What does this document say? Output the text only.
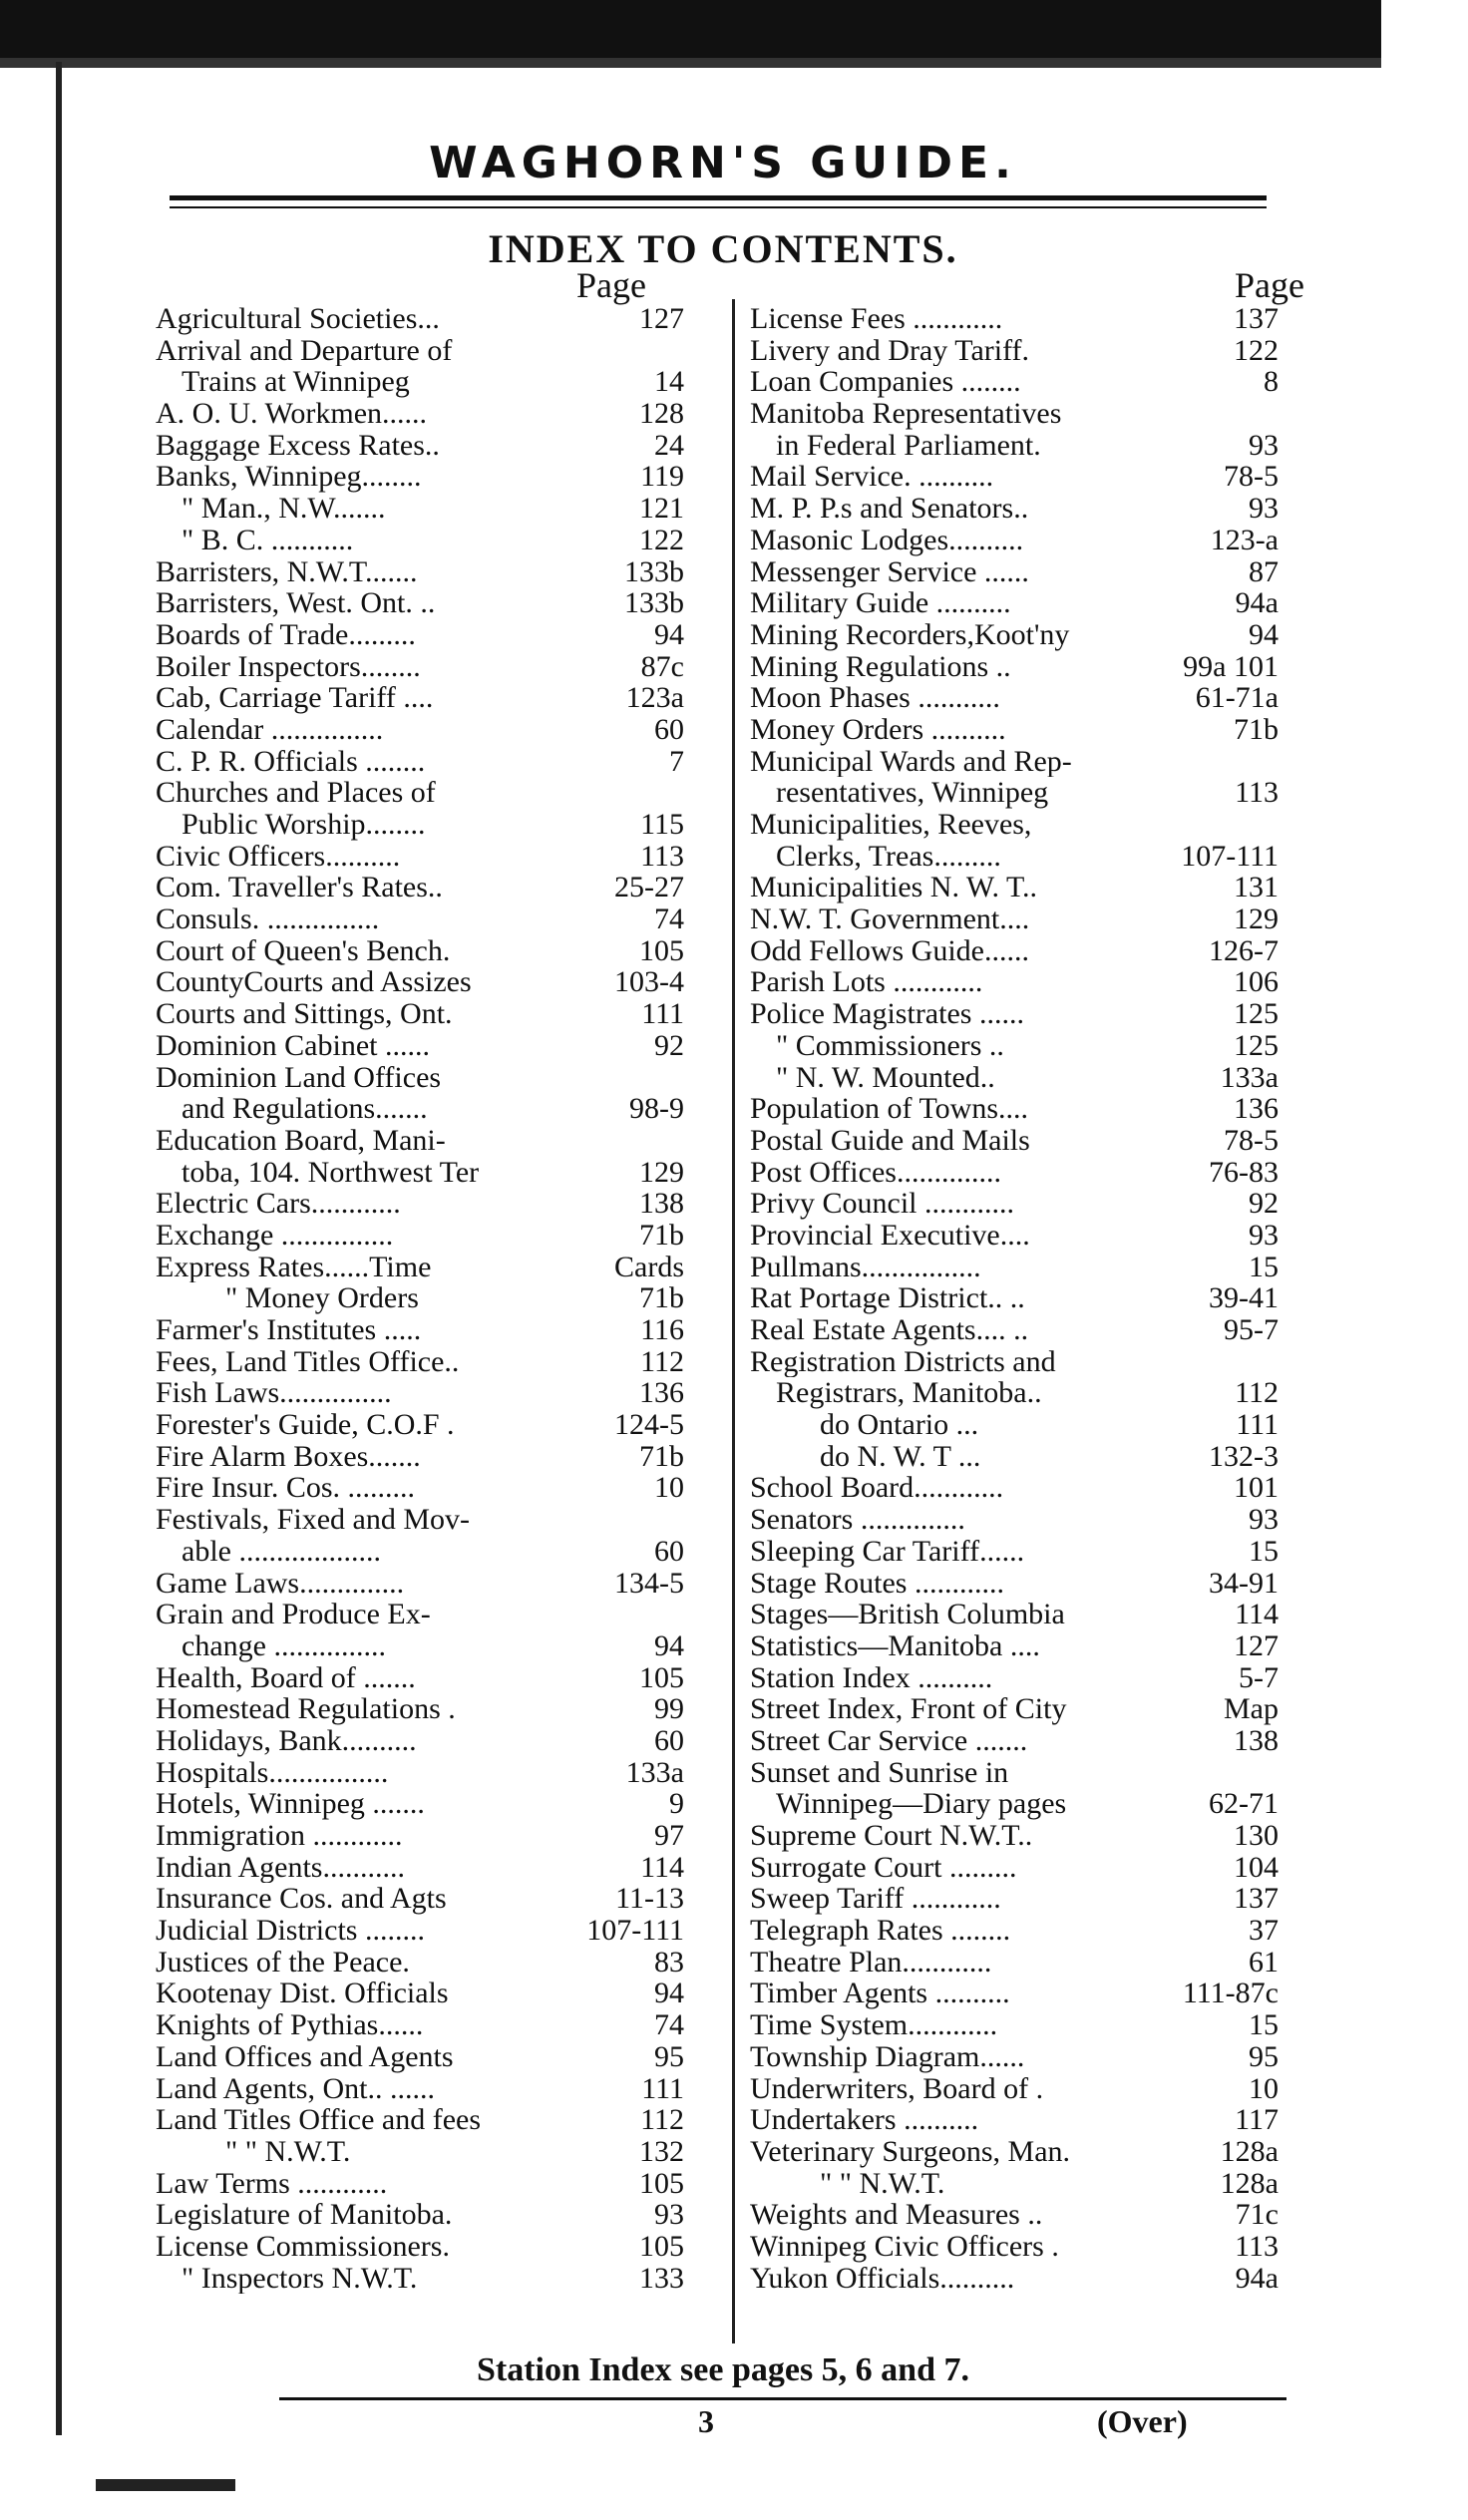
WAGHORN'S GUIDE.
INDEX TO CONTENTS.
Page
Agricultural Societies...	127
Arrival and Departure of
Trains at Winnipeg	14
A. O. U. Workmen......	128
Baggage Excess Rates..	24
Banks, Winnipeg........	119
" Man., N.W.......	121
" B. C. ...........	122
Barristers, N.W.T.......	133b
Barristers, West. Ont. ..	133b
Boards of Trade.........	94
Boiler Inspectors........	87c
Cab, Carriage Tariff ....	123a
Calendar ...............	60
C. P. R. Officials ........	7
Churches and Places of
Public Worship........	115
Civic Officers..........	113
Com. Traveller's Rates..	25-27
Consuls. ...............	74
Court of Queen's Bench.	105
CountyCourts and Assizes	103-4
Courts and Sittings, Ont.	111
Dominion Cabinet ......	92
Dominion Land Offices
and Regulations.......	98-9
Education Board, Mani-
toba, 104. Northwest Ter	129
Electric Cars............	138
Exchange ...............	71b
Express Rates......Time	Cards
" Money Orders	71b
Farmer's Institutes .....	116
Fees, Land Titles Office..	112
Fish Laws...............	136
Forester's Guide, C.O.F .	124-5
Fire Alarm Boxes.......	71b
Fire Insur. Cos. .........	10
Festivals, Fixed and Mov-
able ...................	60
Game Laws..............	134-5
Grain and Produce Ex-
change ...............	94
Health, Board of .......	105
Homestead Regulations .	99
Holidays, Bank..........	60
Hospitals................	133a
Hotels, Winnipeg .......	9
Immigration ............	97
Indian Agents...........	114
Insurance Cos. and Agts	11-13
Judicial Districts ........	107-111
Justices of the Peace.	83
Kootenay Dist. Officials	94
Knights of Pythias......	74
Land Offices and Agents	95
Land Agents, Ont.. ......	111
Land Titles Office and fees	112
" " N.W.T.	132
Law Terms ............	105
Legislature of Manitoba.	93
License Commissioners.	105
" Inspectors N.W.T.	133
Page
License Fees ............	137
Livery and Dray Tariff.	122
Loan Companies ........	8
Manitoba Representatives
in Federal Parliament.	93
Mail Service. ..........	78-5
M. P. P.s and Senators..	93
Masonic Lodges..........	123-a
Messenger Service ......	87
Military Guide ..........	94a
Mining Recorders,Koot'ny	94
Mining Regulations ..	99a 101
Moon Phases ...........	61-71a
Money Orders ..........	71b
Municipal Wards and Rep-
resentatives, Winnipeg	113
Municipalities, Reeves,
Clerks, Treas.........	107-111
Municipalities N. W. T..	131
N.W. T. Government....	129
Odd Fellows Guide......	126-7
Parish Lots ............	106
Police Magistrates ......	125
" Commissioners ..	125
" N. W. Mounted..	133a
Population of Towns....	136
Postal Guide and Mails	78-5
Post Offices..............	76-83
Privy Council ............	92
Provincial Executive....	93
Pullmans................	15
Rat Portage District.. ..	39-41
Real Estate Agents.... ..	95-7
Registration Districts and
Registrars, Manitoba..	112
do Ontario ...	111
do N. W. T ...	132-3
School Board............	101
Senators ..............	93
Sleeping Car Tariff......	15
Stage Routes ............	34-91
Stages—British Columbia	114
Statistics—Manitoba ....	127
Station Index ..........	5-7
Street Index, Front of City	Map
Street Car Service .......	138
Sunset and Sunrise in
Winnipeg—Diary pages	62-71
Supreme Court N.W.T..	130
Surrogate Court .........	104
Sweep Tariff ............	137
Telegraph Rates ........	37
Theatre Plan............	61
Timber Agents ..........	111-87c
Time System............	15
Township Diagram......	95
Underwriters, Board of .	10
Undertakers ..........	117
Veterinary Surgeons, Man.	128a
" " N.W.T.	128a
Weights and Measures ..	71c
Winnipeg Civic Officers .	113
Yukon Officials..........	94a
Station Index see pages 5, 6 and 7.
3	(Over)
